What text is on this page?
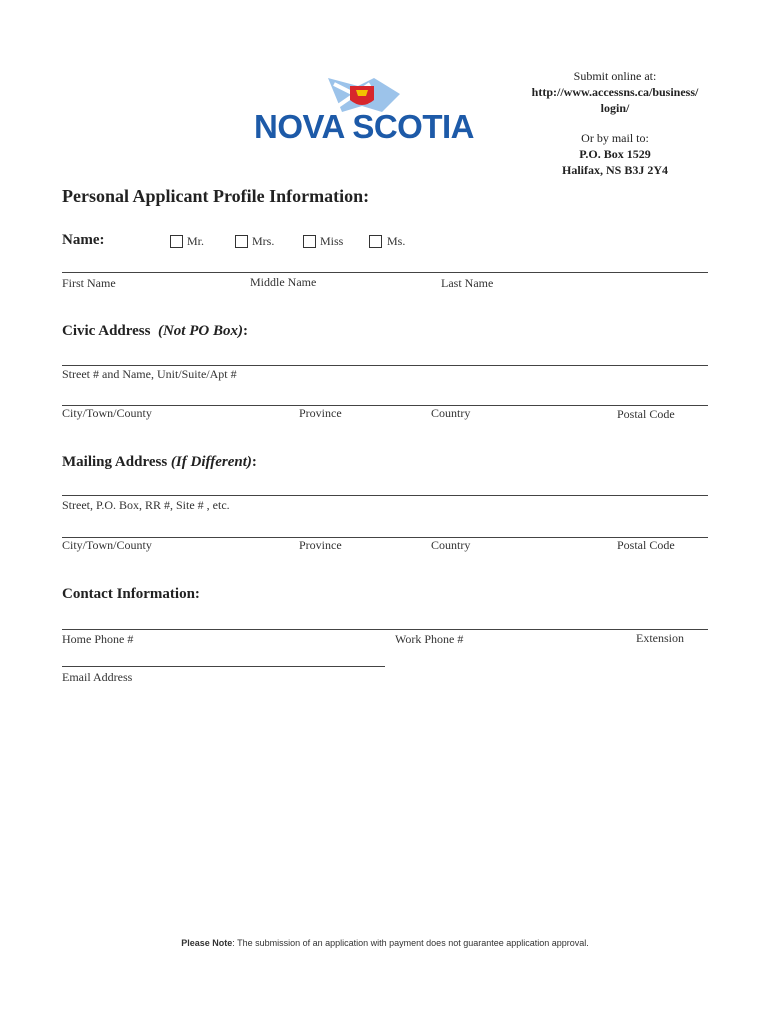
NOVA SCOTIA
Submit online at:
http://www.accessns.ca/business/
login/
Or by mail to:
P.O. Box 1529
Halifax, NS B3J 2Y4
Personal Applicant Profile Information:
Name:	Mr.	Mrs.	Miss	Ms.
First Name	Middle Name	Last Name
Civic Address (Not PO Box):
Street # and Name, Unit/Suite/Apt #
City/Town/County	Province	Country	Postal Code
Mailing Address (If Different):
Street, P.O. Box, RR #, Site # , etc.
City/Town/County	Province	Country	Postal Code
Contact Information:
Home Phone #	Work Phone #	Extension
Email Address
Please Note: The submission of an application with payment does not guarantee application approval.
